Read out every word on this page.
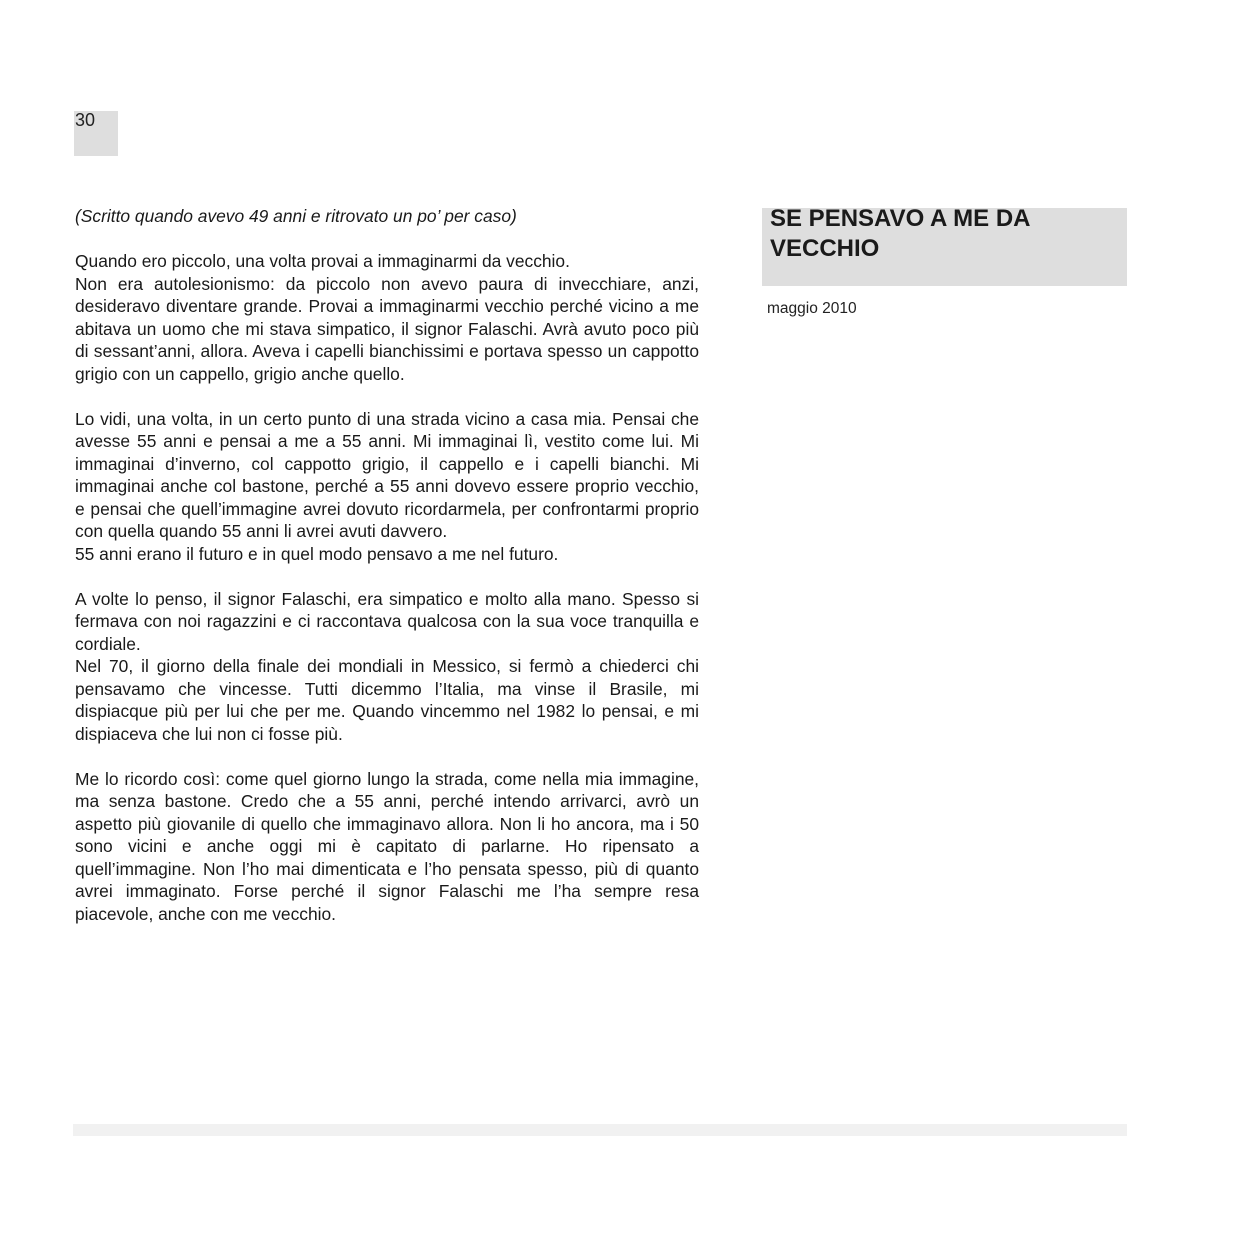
30

(Scritto quando avevo 49 anni e ritrovato un po’ per caso)

Quando ero piccolo, una volta provai a immaginarmi da vecchio.
Non era autolesionismo: da piccolo non avevo paura di invecchiare, anzi, desideravo diventare grande. Provai a immaginarmi vecchio perché vicino a me abitava un uomo che mi stava simpatico, il signor Falaschi. Avrà avuto poco più di sessant’anni, allora. Aveva i capelli bianchissimi e portava spesso un cappotto grigio con un cappello, grigio anche quello.

Lo vidi, una volta, in un certo punto di una strada vicino a casa mia. Pensai che avesse 55 anni e pensai a me a 55 anni. Mi immaginai lì, vestito come lui. Mi immaginai d’inverno, col cappotto grigio, il cappello e i capelli bianchi. Mi immaginai anche col bastone, perché a 55 anni dovevo essere proprio vecchio, e pensai che quell’immagine avrei dovuto ricordarmela, per confrontarmi proprio con quella quando 55 anni li avrei avuti davvero.
55 anni erano il futuro e in quel modo pensavo a me nel futuro.

A volte lo penso, il signor Falaschi, era simpatico e molto alla mano. Spesso si fermava con noi ragazzini e ci raccontava qualcosa con la sua voce tranquilla e cordiale.
Nel 70, il giorno della finale dei mondiali in Messico, si fermò a chiederci chi pensavamo che vincesse. Tutti dicemmo l’Italia, ma vinse il Brasile, mi dispiacque più per lui che per me. Quando vincemmo nel 1982 lo pensai, e mi dispiaceva che lui non ci fosse più.

Me lo ricordo così: come quel giorno lungo la strada, come nella mia immagine, ma senza bastone. Credo che a 55 anni, perché intendo arrivarci, avrò un aspetto più giovanile di quello che immaginavo allora. Non li ho ancora, ma i 50 sono vicini e anche oggi mi è capitato di parlarne. Ho ripensato a quell’immagine. Non l’ho mai dimenticata e l’ho pensata spesso, più di quanto avrei immaginato. Forse perché il signor Falaschi me l’ha sempre resa piacevole, anche con me vecchio.

SE PENSAVO A ME DA VECCHIO
maggio 2010
